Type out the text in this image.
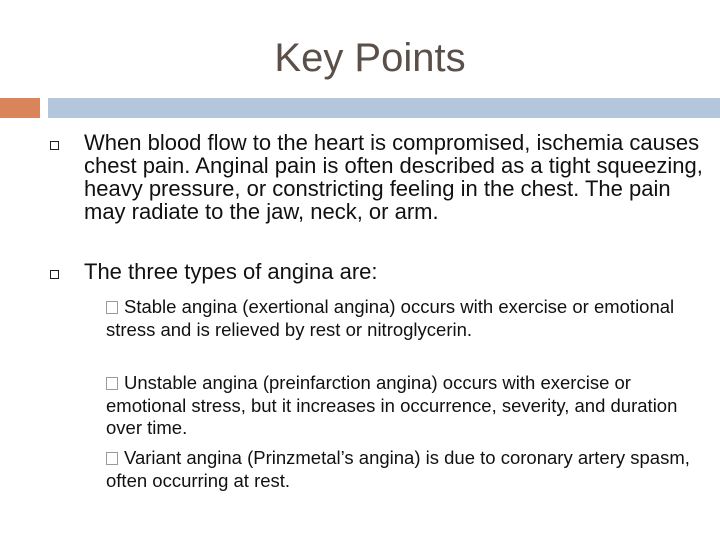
Key Points

When blood flow to the heart is compromised, ischemia causes chest pain. Anginal pain is often described as a tight squeezing, heavy pressure, or constricting feeling in the chest. The pain may radiate to the jaw, neck, or arm.

The three types of angina are:

Stable angina (exertional angina) occurs with exercise or emotional stress and is relieved by rest or nitroglycerin.

Unstable angina (preinfarction angina) occurs with exercise or emotional stress, but it increases in occurrence, severity, and duration over time.

Variant angina (Prinzmetal’s angina) is due to coronary artery spasm, often occurring at rest.
